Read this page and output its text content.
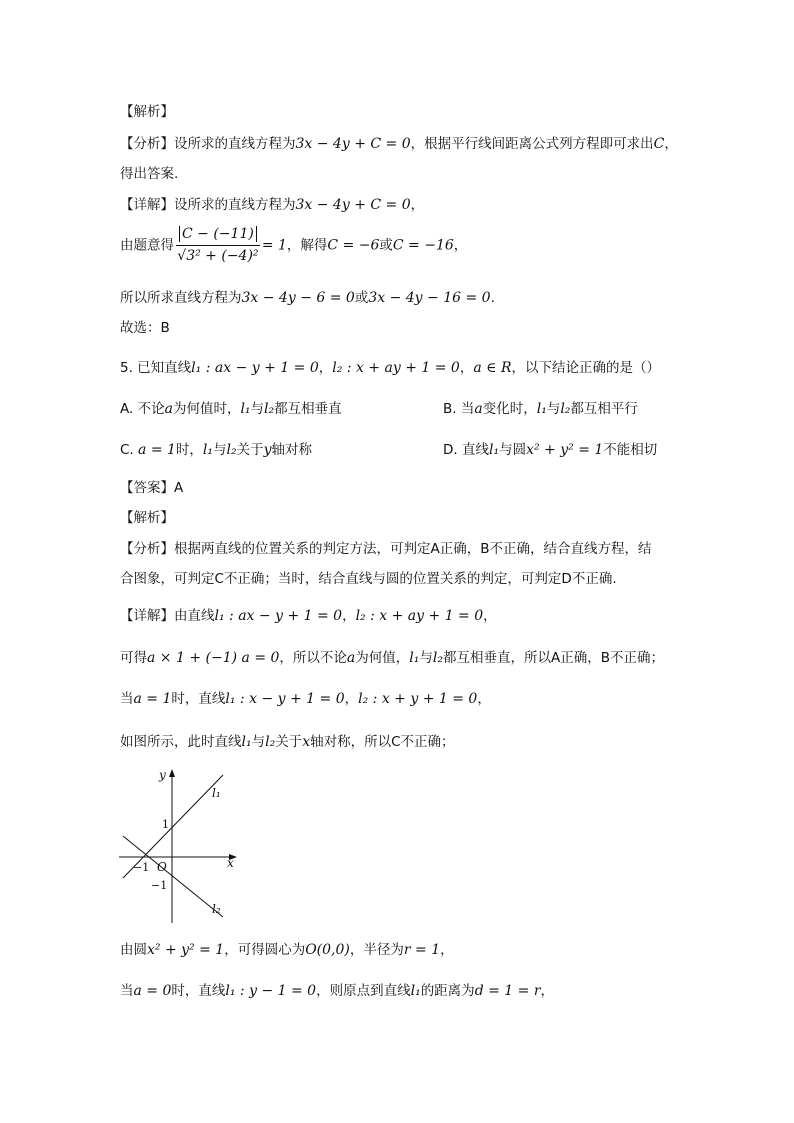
【解析】
【分析】设所求的直线方程为3x − 4y + C = 0，根据平行线间距离公式列方程即可求出C，
得出答案.
【详解】设所求的直线方程为3x − 4y + C = 0，
由题意得 $\frac{C - (-11)}{\text{√3² + (−4)²}} = 1$，解得C = −6或C = −16，
所以所求直线方程为3x − 4y − 6 = 0或3x − 4y − 16 = 0.
故选：B
5. 已知直线l₁ : ax − y + 1 = 0，l₂ : x + ay + 1 = 0，a ∈ R，以下结论正确的是（）
A. 不论a为何值时，l₁与l₂都互相垂直	B. 当a变化时，l₁与l₂都互相平行
C. a = 1时，l₁与l₂关于y轴对称	D. 直线l₁与圆x² + y² = 1不能相切
【答案】A
【解析】
【分析】根据两直线的位置关系的判定方法，可判定A正确，B不正确，结合直线方程，结
合图象，可判定C不正确；当时，结合直线与圆的位置关系的判定，可判定D不正确.
【详解】由直线l₁ : ax − y + 1 = 0，l₂ : x + ay + 1 = 0，
可得a × 1 + (−1) a = 0，所以不论a为何值，l₁与l₂都互相垂直，所以A正确，B不正确；
当a = 1时，直线l₁ : x − y + 1 = 0，l₂ : x + y + 1 = 0，
如图所示，此时直线l₁与l₂关于x轴对称，所以C不正确；
y
x
O
1
−1
−1
l₁
l₂
由圆x² + y² = 1，可得圆心为O(0,0)，半径为r = 1，
当a = 0时，直线l₁ : y − 1 = 0，则原点到直线l₁的距离为d = 1 = r，
